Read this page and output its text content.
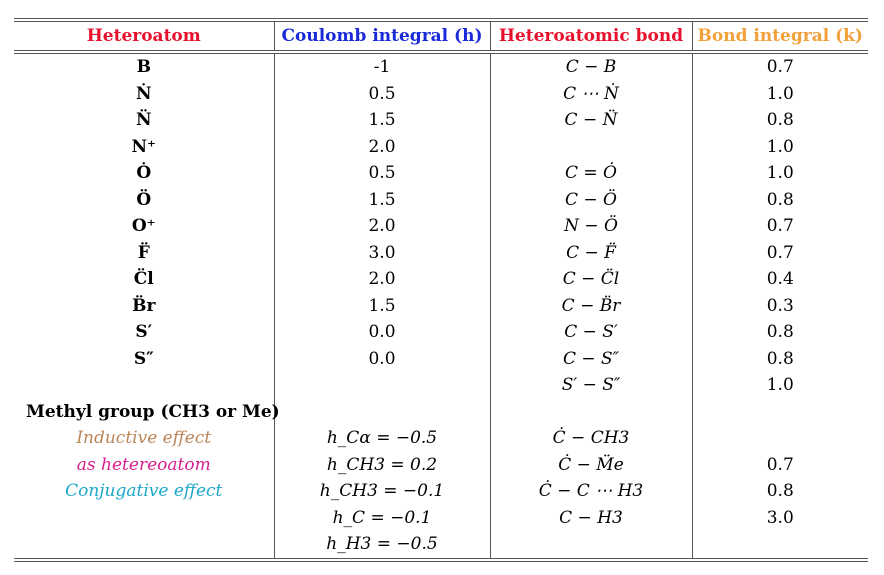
Heteroatom	Coulomb integral (h)	Heteroatomic bond	Bond integral (k)
B	-1	C − B	0.7
Ṅ	0.5	C ⋯ Ṅ	1.0
N̈	1.5	C − N̈	0.8
N⁺	2.0		1.0
Ȯ	0.5	C = Ȯ	1.0
Ö	1.5	C − Ö	0.8
O⁺	2.0	N − Ö	0.7
F̈	3.0	C − F̈	0.7
C̈l	2.0	C − C̈l	0.4
B̈r	1.5	C − B̈r	0.3
S′	0.0	C − S′	0.8
S″	0.0	C − S″	0.8
		S′ − S″	1.0
Methyl group (CH3 or Me)			
Inductive effect	h_Cα = −0.5	Ċ − CH3	
as hetereoatom	h_CH3 = 0.2	Ċ − M̈e	0.7
Conjugative effect	h_CH3 = −0.1	Ċ − C ⋯ H3	0.8
	h_C = −0.1	C − H3	3.0
	h_H3 = −0.5		
